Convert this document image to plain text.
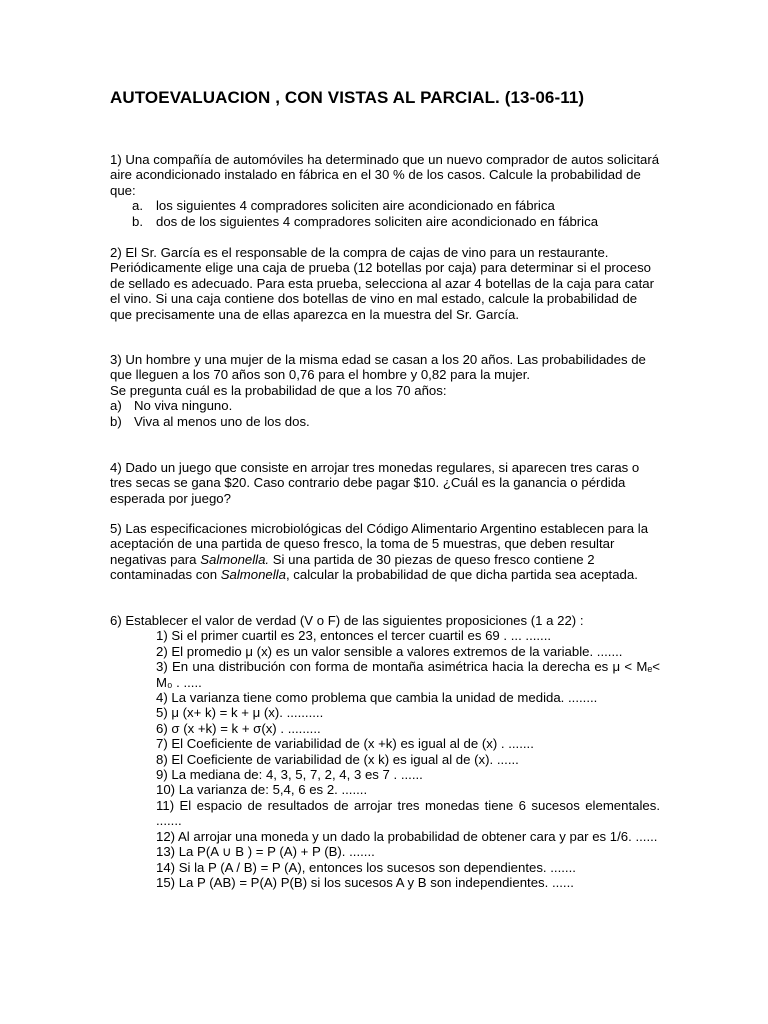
AUTOEVALUACION , CON VISTAS AL PARCIAL. (13-06-11)

1) Una compañía de automóviles ha determinado que un nuevo comprador de autos solicitará aire acondicionado instalado en fábrica en el 30 % de los casos. Calcule la probabilidad de que:

a. los siguientes 4 compradores soliciten aire acondicionado en fábrica
b. dos de los siguientes 4 compradores soliciten aire acondicionado en fábrica

2) El Sr. García es el responsable de la compra de cajas de vino para un restaurante. Periódicamente elige una caja de prueba (12 botellas por caja) para determinar si el proceso de sellado es adecuado. Para esta prueba, selecciona al azar 4 botellas de la caja para catar el vino. Si una caja contiene dos botellas de vino en mal estado, calcule la probabilidad de que precisamente una de ellas aparezca en la muestra del Sr. García.

3) Un hombre y una mujer de la misma edad se casan a los 20 años. Las probabilidades de que lleguen a los 70 años son 0,76 para el hombre y 0,82 para la mujer.

Se pregunta cuál es la probabilidad de que a los 70 años:

a) No viva ninguno.
b) Viva al menos uno de los dos.

4) Dado un juego que consiste en arrojar tres monedas regulares, si aparecen tres caras o tres secas se gana $20. Caso contrario debe pagar $10. ¿Cuál es la ganancia o pérdida esperada por juego?

5) Las especificaciones microbiológicas del Código Alimentario Argentino establecen para la aceptación de una partida de queso fresco, la toma de 5 muestras, que deben resultar negativas para Salmonella. Si una partida de 30 piezas de queso fresco contiene 2 contaminadas con Salmonella, calcular la probabilidad de que dicha partida sea aceptada.

6) Establecer el valor de verdad (V o F) de las siguientes proposiciones (1 a 22) :

1) Si el primer cuartil es 23, entonces el tercer cuartil es 69 . ... .......

2) El promedio μ (x) es un valor sensible a valores extremos de la variable. .......

3) En una distribución con forma de montaña asimétrica hacia la derecha es μ < Mₑ< M₀ . .....

4) La varianza tiene como problema que cambia la unidad de medida. ........

5) μ (x+ k) = k + μ (x). ..........

6) σ (x +k) = k + σ(x) . .........

7) El Coeficiente de variabilidad de (x +k) es igual al de (x) . .......

8) El Coeficiente de variabilidad de (x k) es igual al de (x). ......

9) La mediana de: 4, 3, 5, 7, 2, 4, 3 es 7 . ......

10) La varianza de: 5,4, 6 es 2. .......

11) El espacio de resultados de arrojar tres monedas tiene 6 sucesos elementales. .......

12) Al arrojar una moneda y un dado la probabilidad de obtener cara y par es 1/6. ......

13) La P(A ∪ B ) = P (A) + P (B). .......

14) Si la P (A / B) = P (A), entonces los sucesos son dependientes. .......

15) La P (AB) = P(A) P(B) si los sucesos A y B son independientes. ......
